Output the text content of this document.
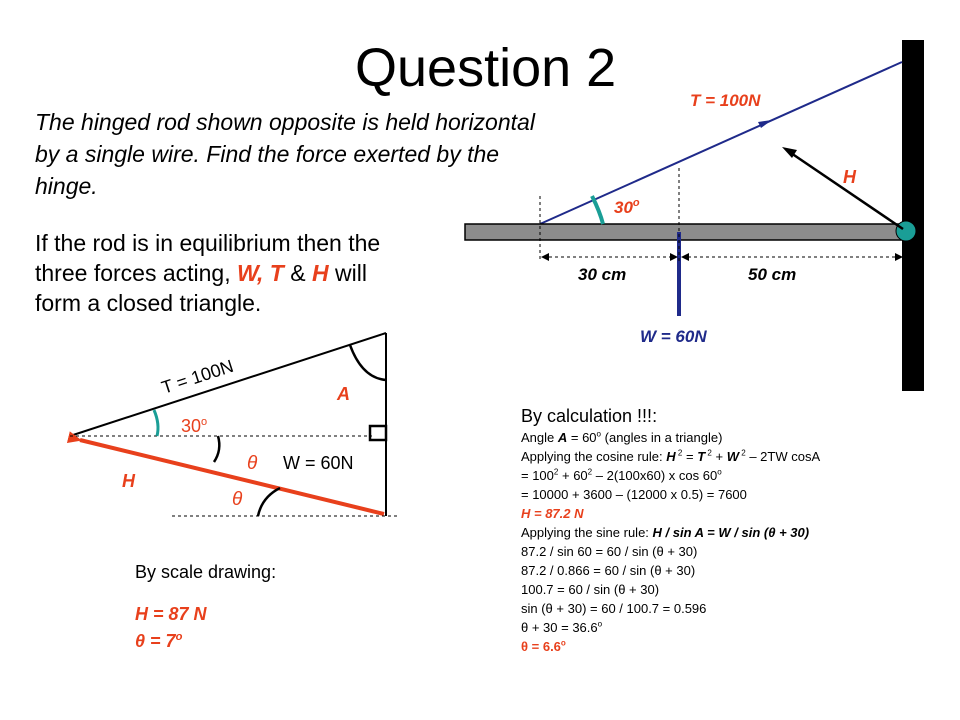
Question 2
The hinged rod shown opposite is held horizontal by a single wire. Find the force exerted by the hinge.
If the rod is in equilibrium then the three forces acting, W, T & H will form a closed triangle.
T = 100N
H
30$^o$
30 cm	50 cm
W = 60N
T = 100N	A
30$^o$
θ W = 60N
H
θ
By scale drawing:
H = 87 N
$\theta = 7^o$
By calculation !!!:
Angle $A = 60^o$ (angles in a triangle)
Applying the cosine rule: H $^2$ = T $^2$ + W $^2$ – 2TW cosA
= $100^2 + 60^2 - 2(100x60)$ x $\cos 60^o$
= 10000 + 3600 – (12000 x 0.5) = 7600
H = 87.2 N
Applying the sine rule: H / sin A = W / sin (θ + 30)
87.2 / sin 60 = 60 / sin (θ + 30)
87.2 / 0.866 = 60 / sin (θ + 30)
100.7 = 60 / sin (θ + 30)
sin (θ + 30) = 60 / 100.7 = 0.596
$\theta + 30 = 36.6^o$
$\theta = 6.6^o$
